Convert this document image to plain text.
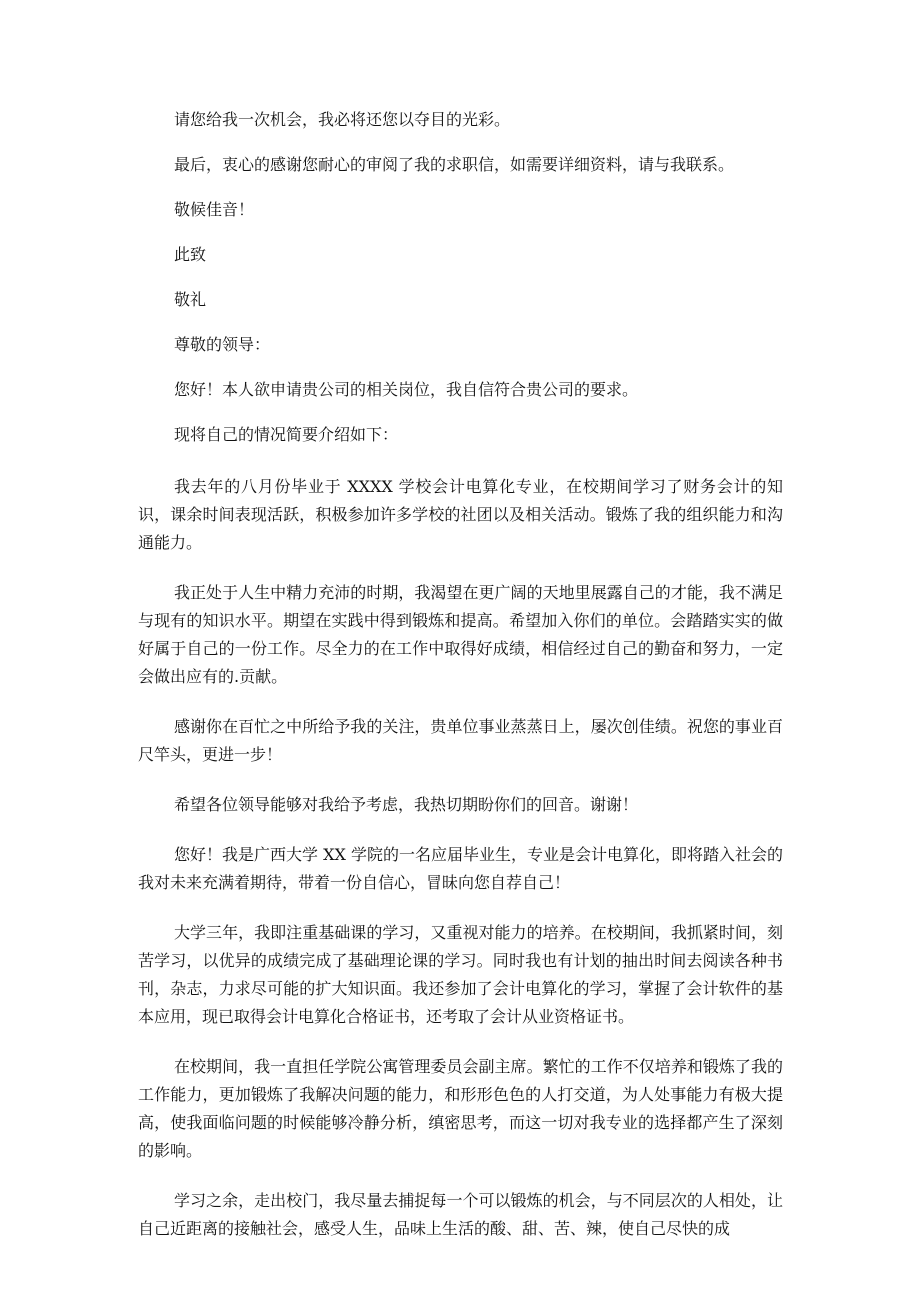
请您给我一次机会，我必将还您以夺目的光彩。

最后，衷心的感谢您耐心的审阅了我的求职信，如需要详细资料，请与我联系。

敬候佳音！

此致

敬礼

尊敬的领导：

您好！本人欲申请贵公司的相关岗位，我自信符合贵公司的要求。

现将自己的情况简要介绍如下：

我去年的八月份毕业于 XXXX 学校会计电算化专业，在校期间学习了财务会计的知识，课余时间表现活跃，积极参加许多学校的社团以及相关活动。锻炼了我的组织能力和沟通能力。

我正处于人生中精力充沛的时期，我渴望在更广阔的天地里展露自己的才能，我不满足与现有的知识水平。期望在实践中得到锻炼和提高。希望加入你们的单位。会踏踏实实的做好属于自己的一份工作。尽全力的在工作中取得好成绩，相信经过自己的勤奋和努力，一定会做出应有的.贡献。

感谢你在百忙之中所给予我的关注，贵单位事业蒸蒸日上，屡次创佳绩。祝您的事业百尺竿头，更进一步！

希望各位领导能够对我给予考虑，我热切期盼你们的回音。谢谢！

您好！我是广西大学 XX 学院的一名应届毕业生，专业是会计电算化，即将踏入社会的我对未来充满着期待，带着一份自信心，冒昧向您自荐自己！

大学三年，我即注重基础课的学习，又重视对能力的培养。在校期间，我抓紧时间，刻苦学习，以优异的成绩完成了基础理论课的学习。同时我也有计划的抽出时间去阅读各种书刊，杂志，力求尽可能的扩大知识面。我还参加了会计电算化的学习，掌握了会计软件的基本应用，现已取得会计电算化合格证书，还考取了会计从业资格证书。

在校期间，我一直担任学院公寓管理委员会副主席。繁忙的工作不仅培养和锻炼了我的工作能力，更加锻炼了我解决问题的能力，和形形色色的人打交道，为人处事能力有极大提高，使我面临问题的时候能够冷静分析，缜密思考，而这一切对我专业的选择都产生了深刻的影响。

学习之余，走出校门，我尽量去捕捉每一个可以锻炼的机会，与不同层次的人相处，让自己近距离的接触社会，感受人生，品味上生活的酸、甜、苦、辣，使自己尽快的成
